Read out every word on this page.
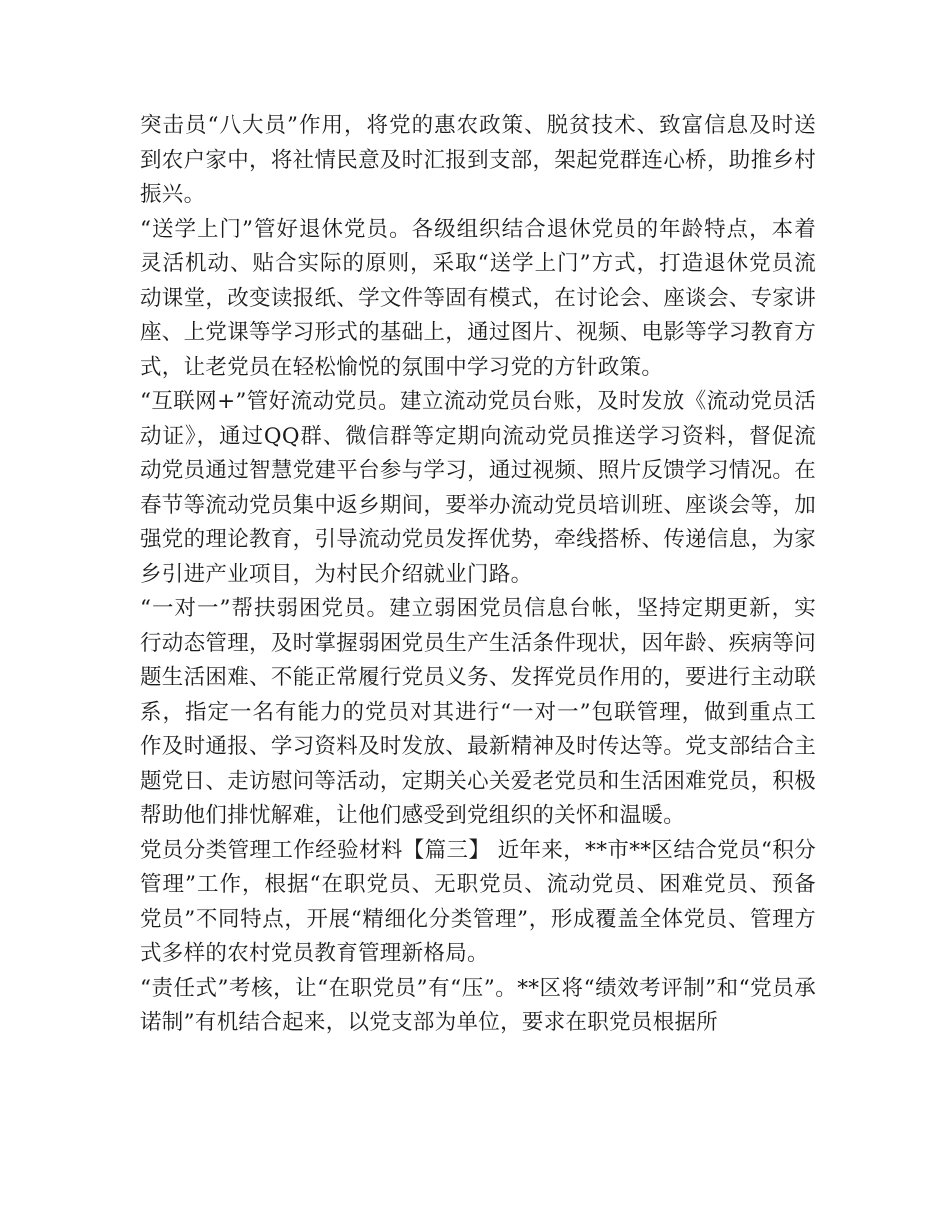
突击员“八大员”作用，将党的惠农政策、脱贫技术、致富信息及时送到农户家中，将社情民意及时汇报到支部，架起党群连心桥，助推乡村振兴。

“送学上门”管好退休党员。各级组织结合退休党员的年龄特点，本着灵活机动、贴合实际的原则，采取“送学上门”方式，打造退休党员流动课堂，改变读报纸、学文件等固有模式，在讨论会、座谈会、专家讲座、上党课等学习形式的基础上，通过图片、视频、电影等学习教育方式，让老党员在轻松愉悦的氛围中学习党的方针政策。

“互联网+”管好流动党员。建立流动党员台账，及时发放《流动党员活动证》，通过QQ群、微信群等定期向流动党员推送学习资料，督促流动党员通过智慧党建平台参与学习，通过视频、照片反馈学习情况。在春节等流动党员集中返乡期间，要举办流动党员培训班、座谈会等，加强党的理论教育，引导流动党员发挥优势，牵线搭桥、传递信息，为家乡引进产业项目，为村民介绍就业门路。

“一对一”帮扶弱困党员。建立弱困党员信息台帐，坚持定期更新，实行动态管理，及时掌握弱困党员生产生活条件现状，因年龄、疾病等问题生活困难、不能正常履行党员义务、发挥党员作用的，要进行主动联系，指定一名有能力的党员对其进行“一对一”包联管理，做到重点工作及时通报、学习资料及时发放、最新精神及时传达等。党支部结合主题党日、走访慰问等活动，定期关心关爱老党员和生活困难党员，积极帮助他们排忧解难，让他们感受到党组织的关怀和温暖。

党员分类管理工作经验材料【篇三】 近年来，**市**区结合党员“积分管理”工作，根据“在职党员、无职党员、流动党员、困难党员、预备党员”不同特点，开展“精细化分类管理”，形成覆盖全体党员、管理方式多样的农村党员教育管理新格局。

“责任式”考核，让“在职党员”有“压”。**区将“绩效考评制”和“党员承诺制”有机结合起来，以党支部为单位，要求在职党员根据所
